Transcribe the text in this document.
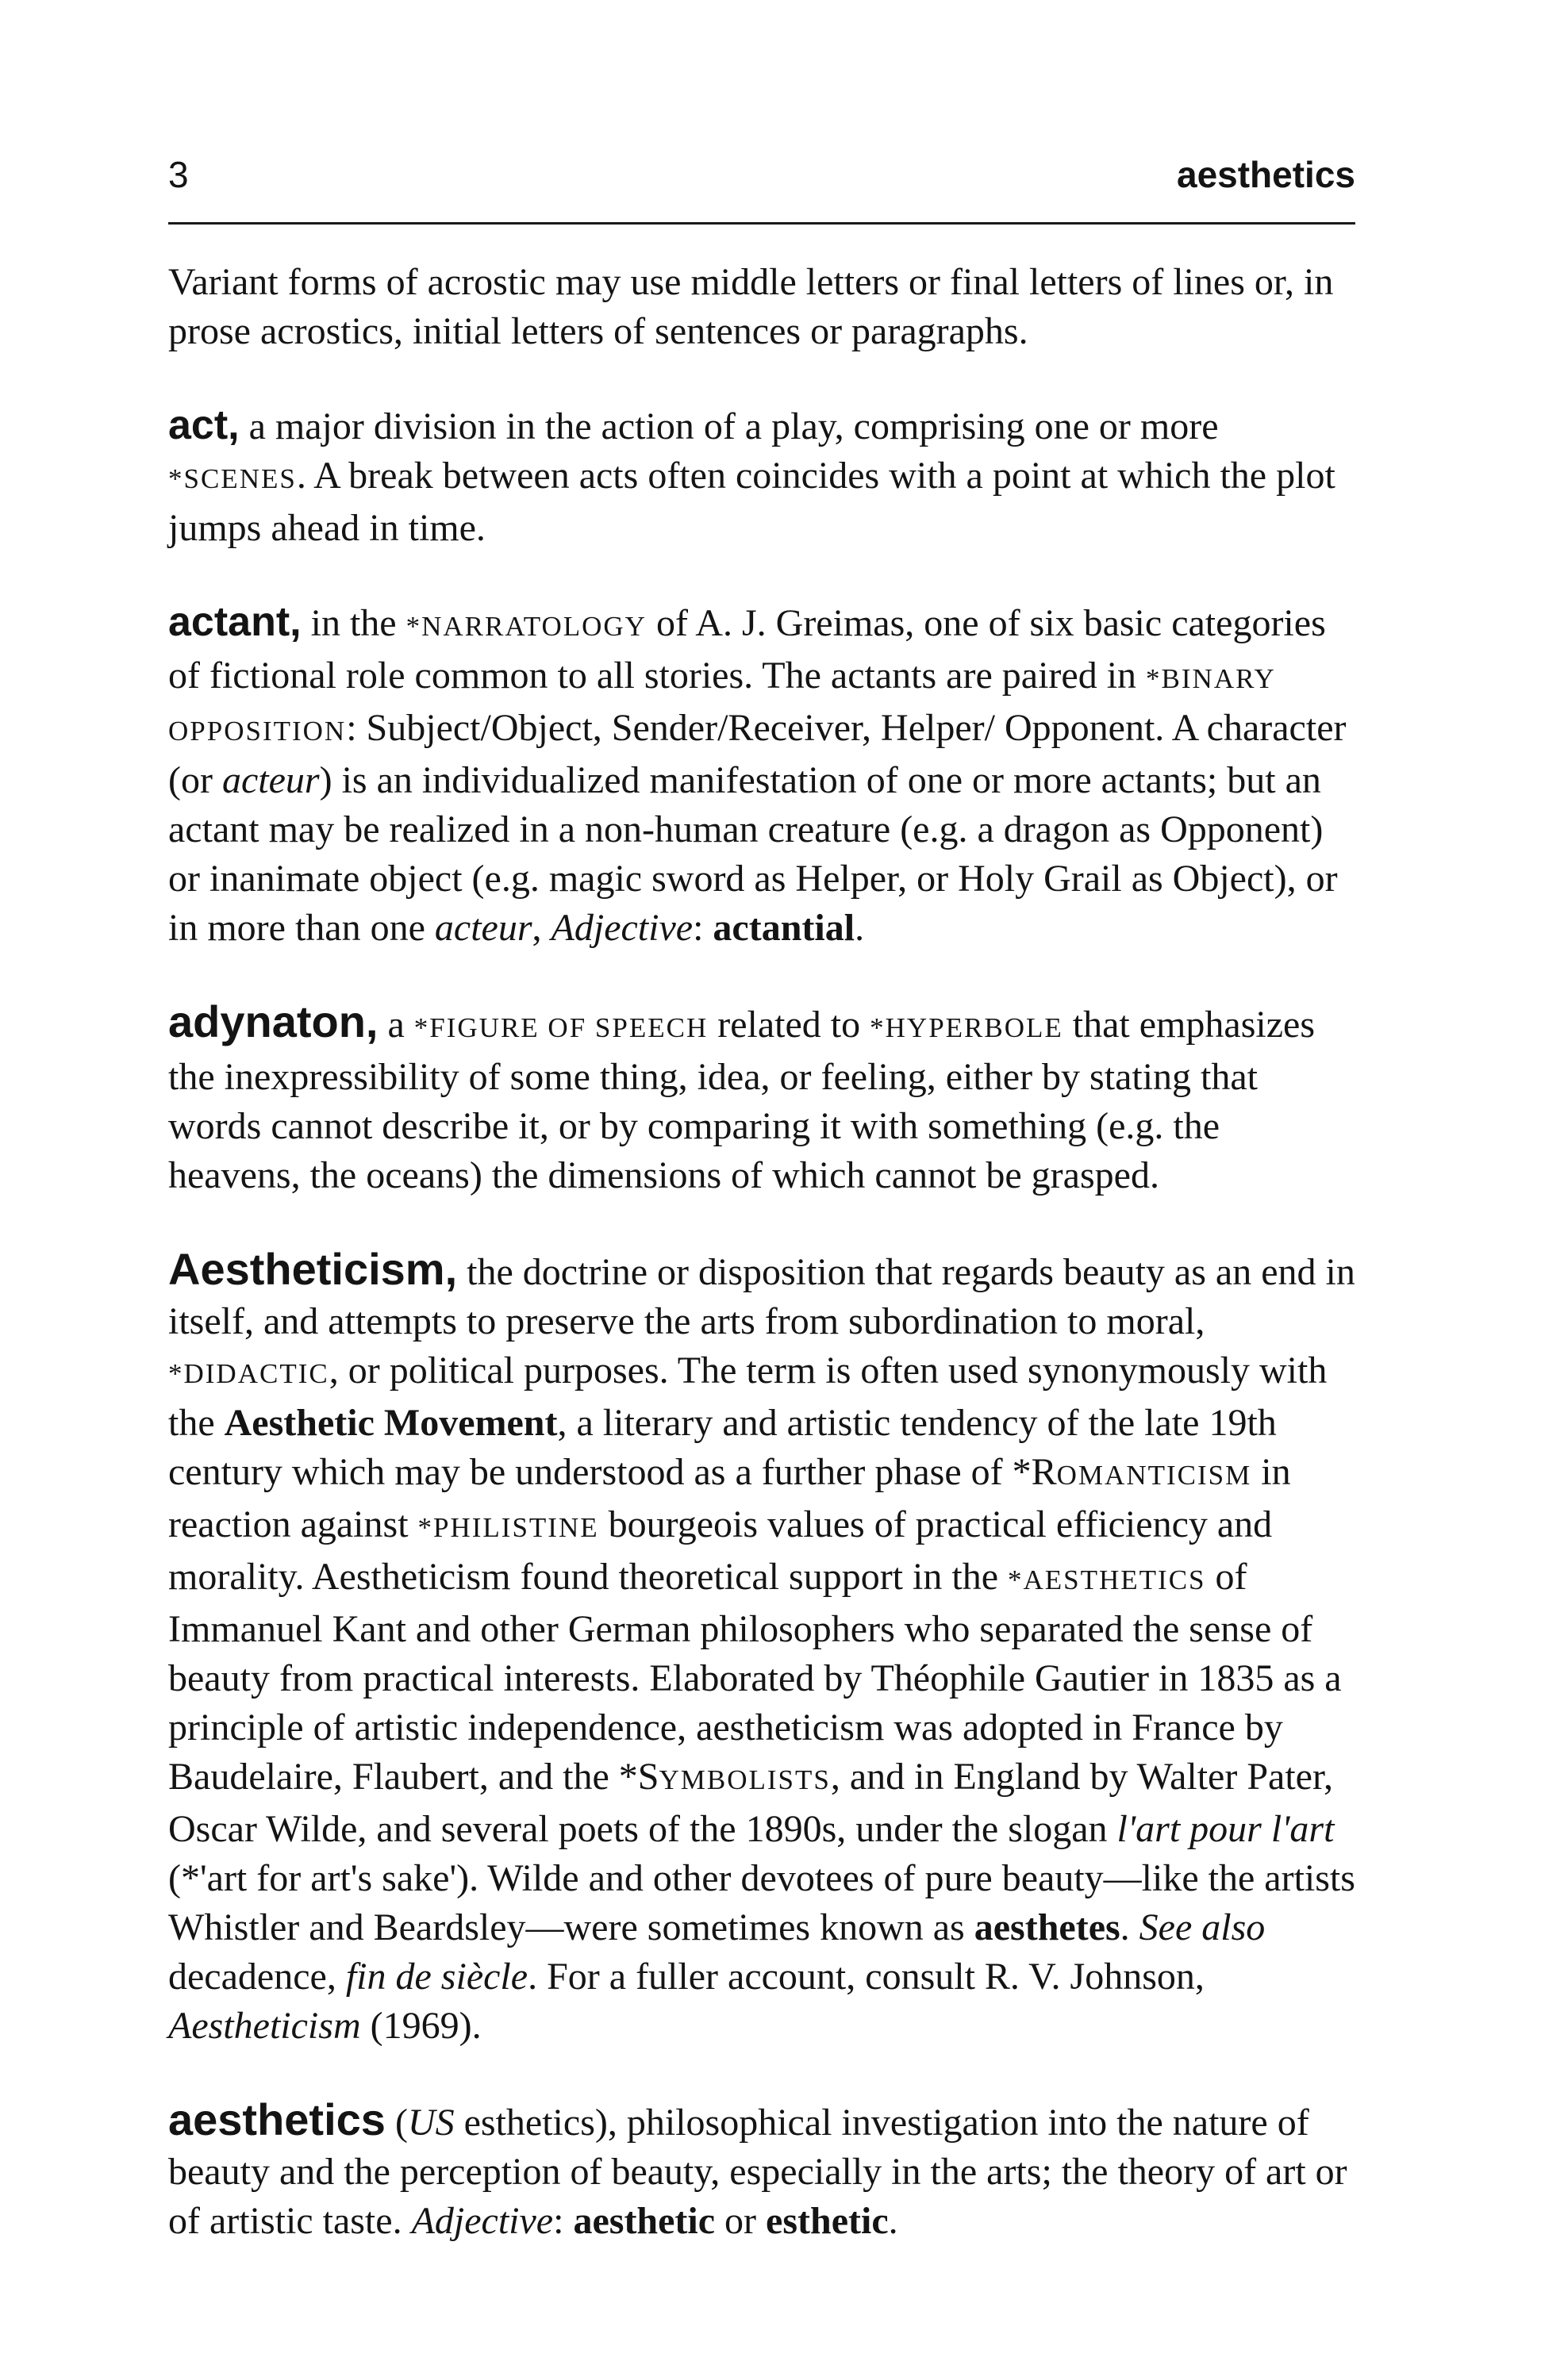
3	aesthetics

Variant forms of acrostic may use middle letters or final letters of lines or, in prose acrostics, initial letters of sentences or paragraphs.

act, a major division in the action of a play, comprising one or more *SCENES. A break between acts often coincides with a point at which the plot jumps ahead in time.

actant, in the *NARRATOLOGY of A. J. Greimas, one of six basic categories of fictional role common to all stories. The actants are paired in *BINARY OPPOSITION: Subject/Object, Sender/Receiver, Helper/ Opponent. A character (or acteur) is an individualized manifestation of one or more actants; but an actant may be realized in a non-human creature (e.g. a dragon as Opponent) or inanimate object (e.g. magic sword as Helper, or Holy Grail as Object), or in more than one acteur, Adjective: actantial.

adynaton, a *FIGURE OF SPEECH related to *HYPERBOLE that emphasizes the inexpressibility of some thing, idea, or feeling, either by stating that words cannot describe it, or by comparing it with something (e.g. the heavens, the oceans) the dimensions of which cannot be grasped.

Aestheticism, the doctrine or disposition that regards beauty as an end in itself, and attempts to preserve the arts from subordination to moral, *DIDACTIC, or political purposes. The term is often used synonymously with the Aesthetic Movement, a literary and artistic tendency of the late 19th century which may be understood as a further phase of *ROMANTICISM in reaction against *PHILISTINE bourgeois values of practical efficiency and morality. Aestheticism found theoretical support in the *AESTHETICS of Immanuel Kant and other German philosophers who separated the sense of beauty from practical interests. Elaborated by Théophile Gautier in 1835 as a principle of artistic independence, aestheticism was adopted in France by Baudelaire, Flaubert, and the *SYMBOLISTS, and in England by Walter Pater, Oscar Wilde, and several poets of the 1890s, under the slogan l'art pour l'art (*'art for art's sake'). Wilde and other devotees of pure beauty—like the artists Whistler and Beardsley—were sometimes known as aesthetes. See also decadence, fin de siècle. For a fuller account, consult R. V. Johnson, Aestheticism (1969).

aesthetics (US esthetics), philosophical investigation into the nature of beauty and the perception of beauty, especially in the arts; the theory of art or of artistic taste. Adjective: aesthetic or esthetic.
